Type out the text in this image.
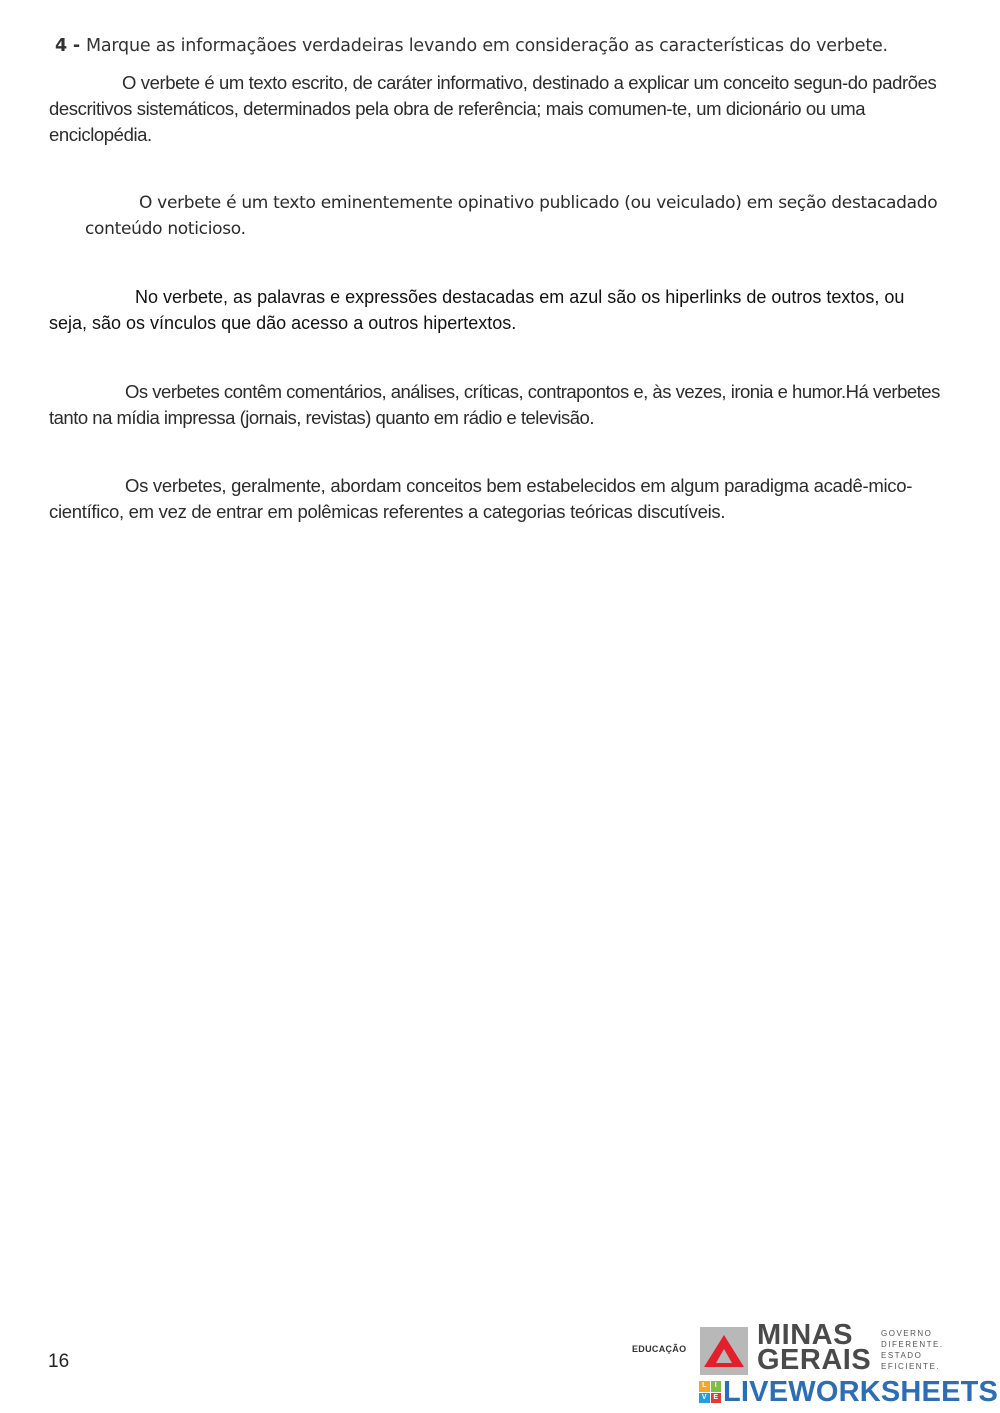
4 - Marque as informaçãoes verdadeiras levando em consideração as características do verbete.
O verbete é um texto escrito, de caráter informativo, destinado a explicar um conceito segun-do padrões descritivos sistemáticos, determinados pela obra de referência; mais comumen-te, um dicionário ou uma enciclopédia.
O verbete é um texto eminentemente opinativo publicado (ou veiculado) em seção destacadado conteúdo noticioso.
No verbete, as palavras e expressões destacadas em azul são os hiperlinks de outros textos, ou seja, são os vínculos que dão acesso a outros hipertextos.
Os verbetes contêm comentários, análises, críticas, contrapontos e, às vezes, ironia e humor.Há verbetes tanto na mídia impressa (jornais, revistas) quanto em rádio e televisão.
Os verbetes, geralmente, abordam conceitos bem estabelecidos em algum paradigma acadê-mico-científico, em vez de entrar em polêmicas referentes a categorias teóricas discutíveis.
16
EDUCAÇÃO MINAS
GERAIS
GOVERNO
DIFERENTE.
ESTADO
EFICIENTE.
L	I
V E LIVEWORKSHEETS
